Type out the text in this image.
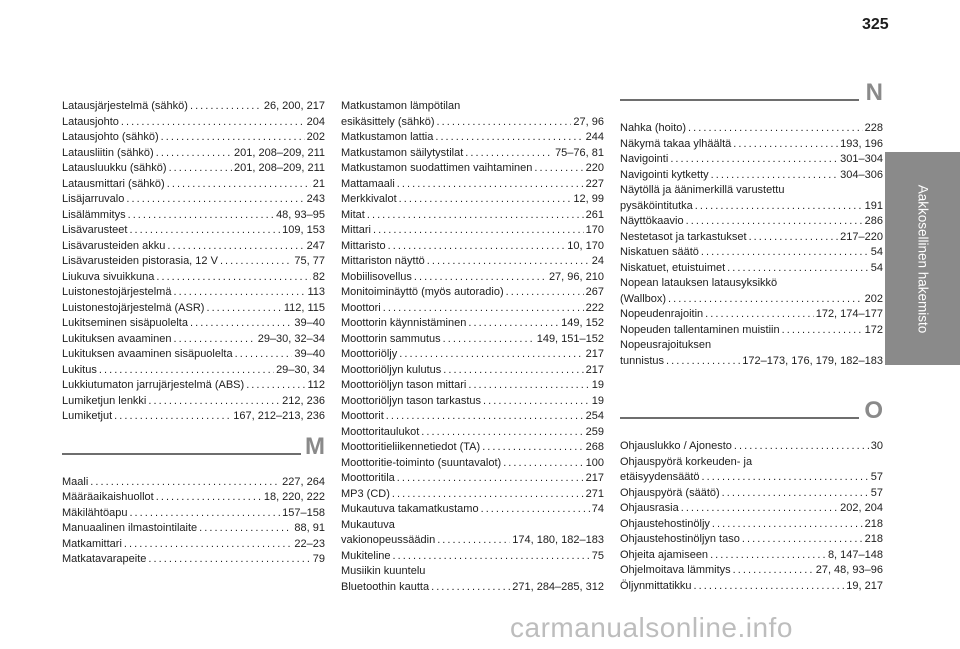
325
Aakkosellinen hakemisto
Latausjärjestelmä (sähkö) . . .	26, 200, 217
Latausjohto . . .	204
Latausjohto (sähkö) . . .	202
Latausliitin (sähkö) . . .	201, 208–209, 211
Latausluukku (sähkö) . . .	201, 208–209, 211
Latausmittari (sähkö) . . .	21
Lisäjarruvalo . . .	243
Lisälämmitys . . .	48, 93–95
Lisävarusteet . . .	109, 153
Lisävarusteiden akku . . .	247
Lisävarusteiden pistorasia, 12 V . . .	75, 77
Liukuva sivuikkuna . . .	82
Luistonestojärjestelmä . . .	113
Luistonestojärjestelmä (ASR) . . .	112, 115
Lukitseminen sisäpuolelta . . .	39–40
Lukituksen avaaminen . . .	29–30, 32–34
Lukituksen avaaminen sisäpuolelta . . .	39–40
Lukitus . . .	29–30, 34
Lukkiutumaton jarrujärjestelmä (ABS) . . .	112
Lumiketjun lenkki . . .	212, 236
Lumiketjut . . .	167, 212–213, 236
M
Maali . . .	227, 264
Määräaikaishuollot . . .	18, 220, 222
Mäkilähtöapu . . .	157–158
Manuaalinen ilmastointilaite . . .	88, 91
Matkamittari . . .	22–23
Matkatavarapeite . . .	79
Matkustamon lämpötilan
esikäsittely (sähkö) . . .	27, 96
Matkustamon lattia . . .	244
Matkustamon säilytystilat . . .	75–76, 81
Matkustamon suodattimen vaihtaminen . . .	220
Mattamaali . . .	227
Merkkivalot . . .	12, 99
Mitat . . .	261
Mittari . . .	170
Mittaristo . . .	10, 170
Mittariston näyttö . . .	24
Mobiilisovellus . . .	27, 96, 210
Monitoiminäyttö (myös autoradio) . . .	267
Moottori . . .	222
Moottorin käynnistäminen . . .	149, 152
Moottorin sammutus . . .	149, 151–152
Moottoriöljy . . .	217
Moottoriöljyn kulutus . . .	217
Moottoriöljyn tason mittari . . .	19
Moottoriöljyn tason tarkastus . . .	19
Moottorit . . .	254
Moottoritaulukot . . .	259
Moottoritieliikennetiedot (TA) . . .	268
Moottoritie-toiminto (suuntavalot) . . .	100
Moottoritila . . .	217
MP3 (CD) . . .	271
Mukautuva takamatkustamo . . .	74
Mukautuva
vakionopeussäädin . . .	174, 180, 182–183
Mukiteline . . .	75
Musiikin kuuntelu
Bluetoothin kautta . . .	271, 284–285, 312
N
Nahka (hoito) . . .	228
Näkymä takaa ylhäältä . . .	193, 196
Navigointi . . .	301–304
Navigointi kytketty . . .	304–306
Näytöllä ja äänimerkillä varustettu
pysäköintitutka . . .	191
Näyttökaavio . . .	286
Nestetasot ja tarkastukset . . .	217–220
Niskatuen säätö . . .	54
Niskatuet, etuistuimet . . .	54
Nopean latauksen latausyksikkö
(Wallbox) . . .	202
Nopeudenrajoitin . . .	172, 174–177
Nopeuden tallentaminen muistiin . . .	172
Nopeusrajoituksen
tunnistus . . .	172–173, 176, 179, 182–183
O
Ohjauslukko / Ajonesto . . .	30
Ohjauspyörä korkeuden- ja
etäisyydensäätö . . .	57
Ohjauspyörä (säätö) . . .	57
Ohjausrasia . . .	202, 204
Ohjaustehostinöljy . . .	218
Ohjaustehostinöljyn taso . . .	218
Ohjeita ajamiseen . . .	8, 147–148
Ohjelmoitava lämmitys . . .	27, 48, 93–96
Öljynmittatikku . . .	19, 217
carmanualsonline.info
